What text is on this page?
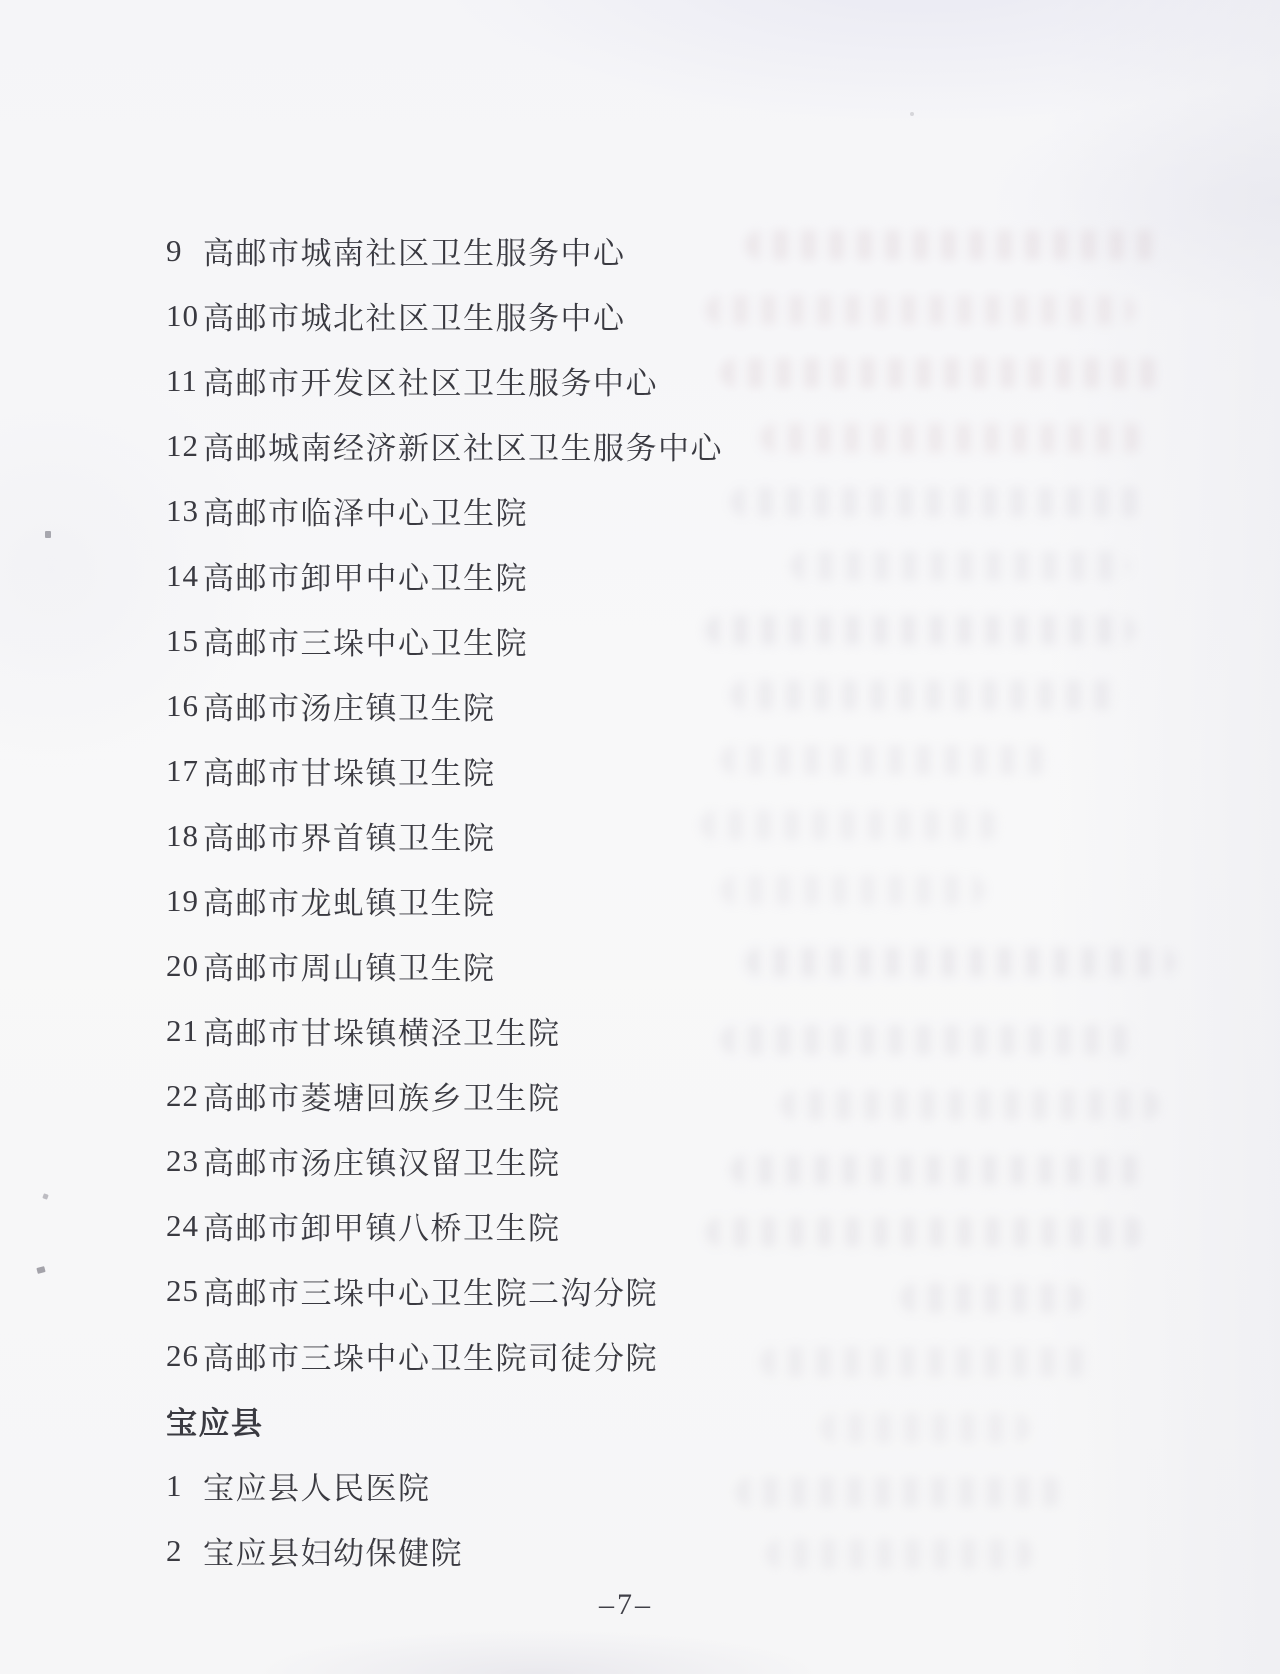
9 高邮市城南社区卫生服务中心
10 高邮市城北社区卫生服务中心
11 高邮市开发区社区卫生服务中心
12 高邮城南经济新区社区卫生服务中心
13 高邮市临泽中心卫生院
14 高邮市卸甲中心卫生院
15 高邮市三垛中心卫生院
16 高邮市汤庄镇卫生院
17 高邮市甘垛镇卫生院
18 高邮市界首镇卫生院
19 高邮市龙虬镇卫生院
20 高邮市周山镇卫生院
21 高邮市甘垛镇横泾卫生院
22 高邮市菱塘回族乡卫生院
23 高邮市汤庄镇汉留卫生院
24 高邮市卸甲镇八桥卫生院
25 高邮市三垛中心卫生院二沟分院
26 高邮市三垛中心卫生院司徒分院
宝应县
1 宝应县人民医院
2 宝应县妇幼保健院
–7–
